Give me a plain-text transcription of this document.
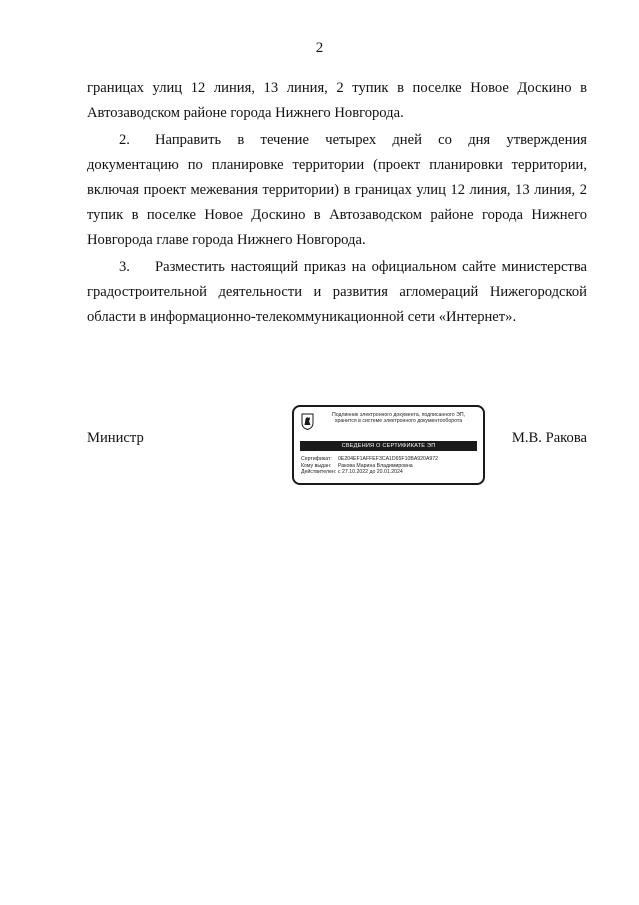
2

границах улиц 12 линия, 13 линия, 2 тупик в поселке Новое Доскино в Автозаводском районе города Нижнего Новгорода.

2. Направить в течение четырех дней со дня утверждения документацию по планировке территории (проект планировки территории, включая проект межевания территории) в границах улиц 12 линия, 13 линия, 2 тупик в поселке Новое Доскино в Автозаводском районе города Нижнего Новгорода главе города Нижнего Новгорода.

3. Разместить настоящий приказ на официальном сайте министерства градостроительной деятельности и развития агломераций Нижегородской области в информационно-телекоммуникационной сети «Интернет».

Министр	М.В. Ракова
Подлинник электронного документа, подписанного ЭП,
хранится в системе электронного документооборота
СВЕДЕНИЯ О СЕРТИФИКАТЕ ЭП
Сертификат: 0E204EF1AFFEF3CA1D65F10BA920A972
Кому выдан: Ракова Марина Владимировна
Действителен: с 27.10.2022 до 20.01.2024
